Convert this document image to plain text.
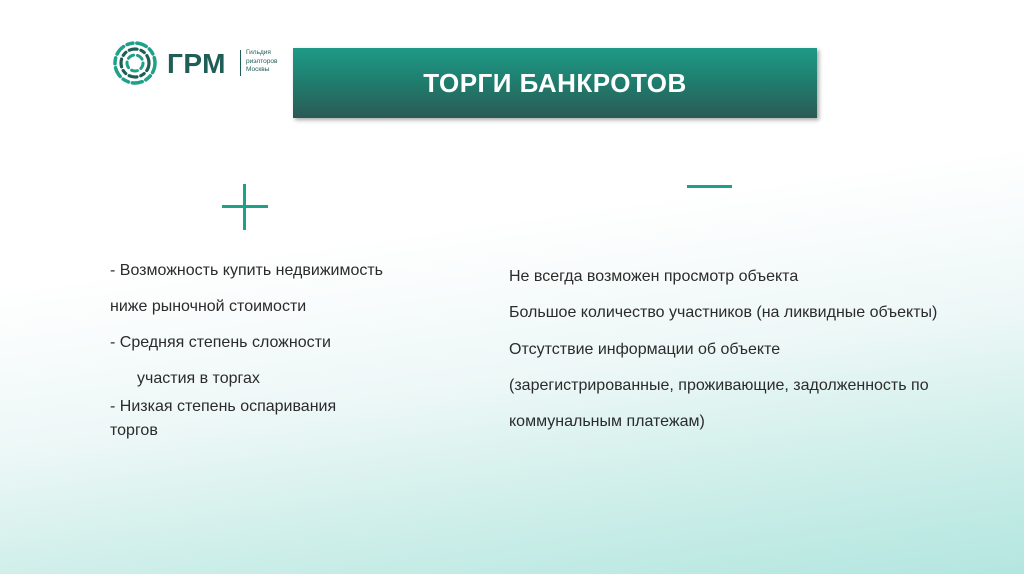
ГРМ	Гильдия
риэлторов
Москвы	ТОРГИ БАНКРОТОВ
- Возможность купить недвижимость
ниже рыночной стоимости
- Средняя степень сложности
участия в торгах
- Низкая степень оспаривания
торгов
Не всегда возможен просмотр объекта
Большое количество участников (на ликвидные объекты)
Отсутствие информации об объекте
(зарегистрированные, проживающие, задолженность по
коммунальным платежам)
